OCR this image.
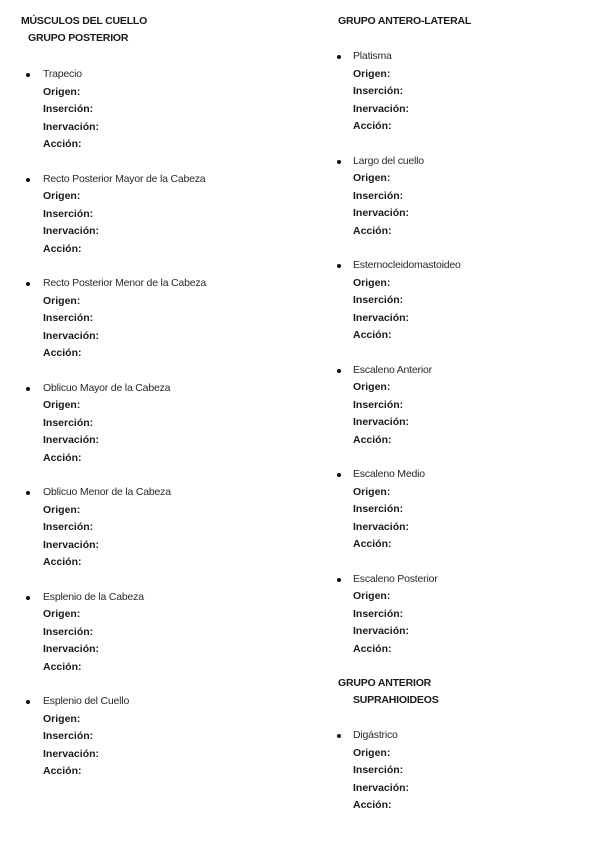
MÚSCULOS DEL CUELLO
GRUPO POSTERIOR
Trapecio
Origen:
Inserción:
Inervación:
Acción:
Recto Posterior Mayor de la Cabeza
Origen:
Inserción:
Inervación:
Acción:
Recto Posterior Menor de la Cabeza
Origen:
Inserción:
Inervación:
Acción:
Oblicuo Mayor de la Cabeza
Origen:
Inserción:
Inervación:
Acción:
Oblicuo Menor de la Cabeza
Origen:
Inserción:
Inervación:
Acción:
Esplenio de la Cabeza
Origen:
Inserción:
Inervación:
Acción:
Esplenio del Cuello
Origen:
Inserción:
Inervación:
Acción:
GRUPO ANTERO-LATERAL
Platisma
Origen:
Inserción:
Inervación:
Acción:
Largo del cuello
Origen:
Inserción:
Inervación:
Acción:
Esternocleidomastoideo
Origen:
Inserción:
Inervación:
Acción:
Escaleno Anterior
Origen:
Inserción:
Inervación:
Acción:
Escaleno Medio
Origen:
Inserción:
Inervación:
Acción:
Escaleno Posterior
Origen:
Inserción:
Inervación:
Acción:
GRUPO ANTERIOR
SUPRAHIOIDEOS
Digástrico
Origen:
Inserción:
Inervación:
Acción:
